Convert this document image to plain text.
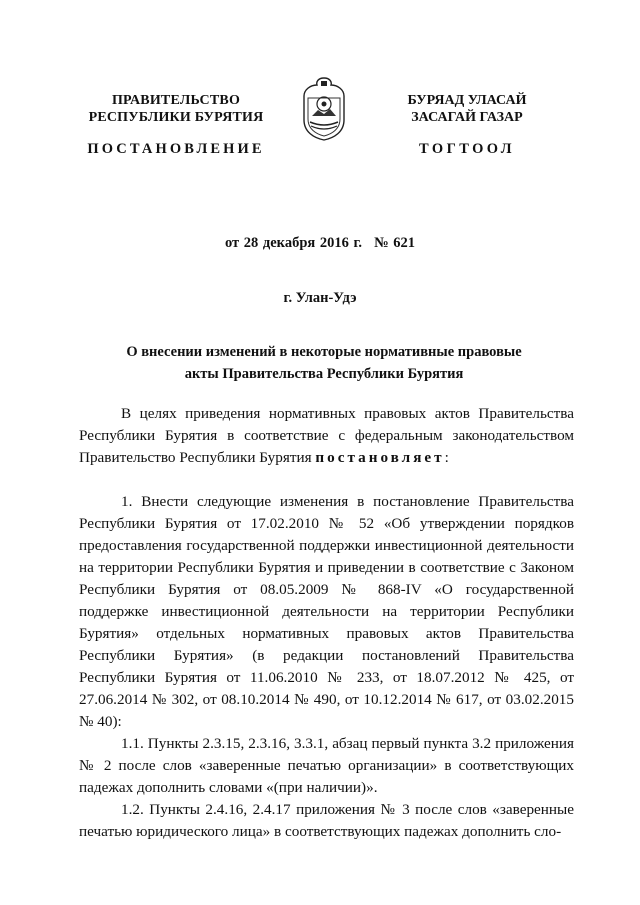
ПРАВИТЕЛЬСТВО
РЕСПУБЛИКИ БУРЯТИЯ
БУРЯАД УЛАСАЙ
ЗАСАГАЙ ГАЗАР
ПОСТАНОВЛЕНИЕ	ТОГТООЛ
от 28 декабря 2016 г. № 621
г. Улан-Удэ
О внесении изменений в некоторые нормативные правовые
акты Правительства Республики Бурятия

В целях приведения нормативных правовых актов Правительства Республики Бурятия в соответствие с федеральным законодательством Правительство Республики Бурятия постановляет:

1. Внести следующие изменения в постановление Правительства Республики Бурятия от 17.02.2010 № 52 «Об утверждении порядков предоставления государственной поддержки инвестиционной деятельности на территории Республики Бурятия и приведении в соответствие с Законом Республики Бурятия от 08.05.2009 № 868-IV «О государственной поддержке инвестиционной деятельности на территории Республики Бурятия» отдельных нормативных правовых актов Правительства Республики Бурятия» (в редакции постановлений Правительства Республики Бурятия от 11.06.2010 № 233, от 18.07.2012 № 425, от 27.06.2014 № 302, от 08.10.2014 № 490, от 10.12.2014 № 617, от 03.02.2015 № 40):

1.1. Пункты 2.3.15, 2.3.16, 3.3.1, абзац первый пункта 3.2 приложения № 2 после слов «заверенные печатью организации» в соответствующих падежах дополнить словами «(при наличии)».

1.2. Пункты 2.4.16, 2.4.17 приложения № 3 после слов «заверенные печатью юридического лица» в соответствующих падежах дополнить сло-
